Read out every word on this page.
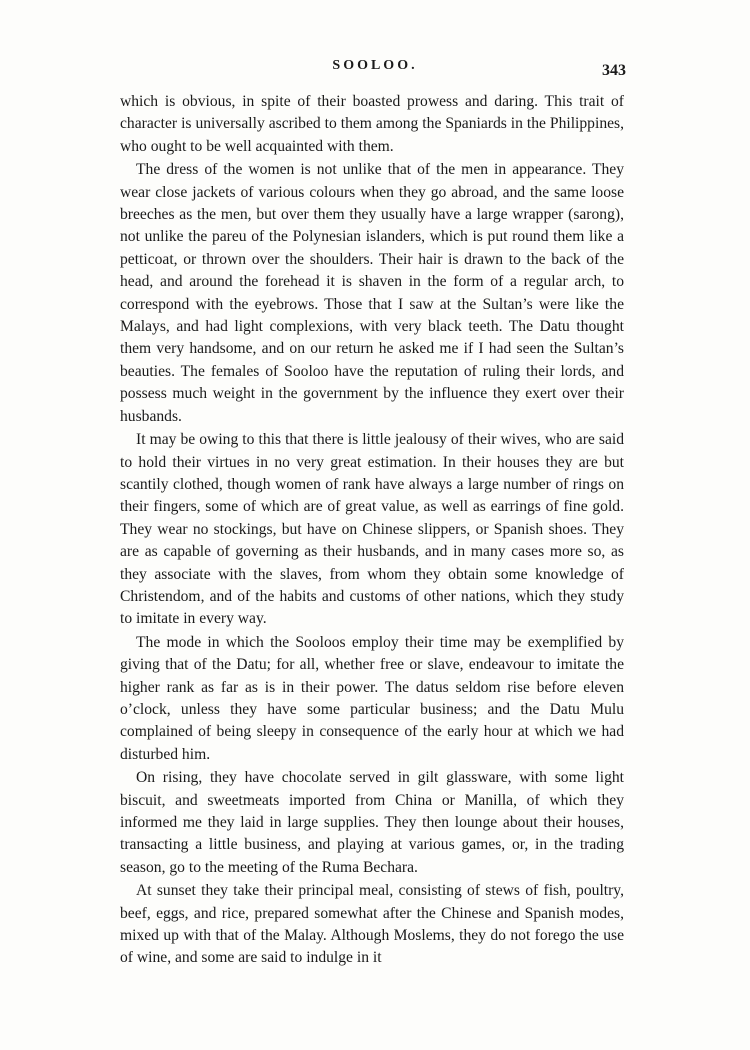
SOOLOO.	343

which is obvious, in spite of their boasted prowess and daring. This trait of character is universally ascribed to them among the Spaniards in the Philippines, who ought to be well acquainted with them.

The dress of the women is not unlike that of the men in appearance. They wear close jackets of various colours when they go abroad, and the same loose breeches as the men, but over them they usually have a large wrapper (sarong), not unlike the pareu of the Polynesian islanders, which is put round them like a petticoat, or thrown over the shoulders. Their hair is drawn to the back of the head, and around the forehead it is shaven in the form of a regular arch, to correspond with the eyebrows. Those that I saw at the Sultan’s were like the Malays, and had light complexions, with very black teeth. The Datu thought them very handsome, and on our return he asked me if I had seen the Sultan’s beauties. The females of Sooloo have the reputation of ruling their lords, and possess much weight in the government by the influence they exert over their husbands.

It may be owing to this that there is little jealousy of their wives, who are said to hold their virtues in no very great estimation. In their houses they are but scantily clothed, though women of rank have always a large number of rings on their fingers, some of which are of great value, as well as earrings of fine gold. They wear no stockings, but have on Chinese slippers, or Spanish shoes. They are as capable of governing as their husbands, and in many cases more so, as they associate with the slaves, from whom they obtain some knowledge of Christendom, and of the habits and customs of other nations, which they study to imitate in every way.

The mode in which the Sooloos employ their time may be exemplified by giving that of the Datu; for all, whether free or slave, endeavour to imitate the higher rank as far as is in their power. The datus seldom rise before eleven o’clock, unless they have some particular business; and the Datu Mulu complained of being sleepy in consequence of the early hour at which we had disturbed him.

On rising, they have chocolate served in gilt glassware, with some light biscuit, and sweetmeats imported from China or Manilla, of which they informed me they laid in large supplies. They then lounge about their houses, transacting a little business, and playing at various games, or, in the trading season, go to the meeting of the Ruma Bechara.

At sunset they take their principal meal, consisting of stews of fish, poultry, beef, eggs, and rice, prepared somewhat after the Chinese and Spanish modes, mixed up with that of the Malay. Although Moslems, they do not forego the use of wine, and some are said to indulge in it
